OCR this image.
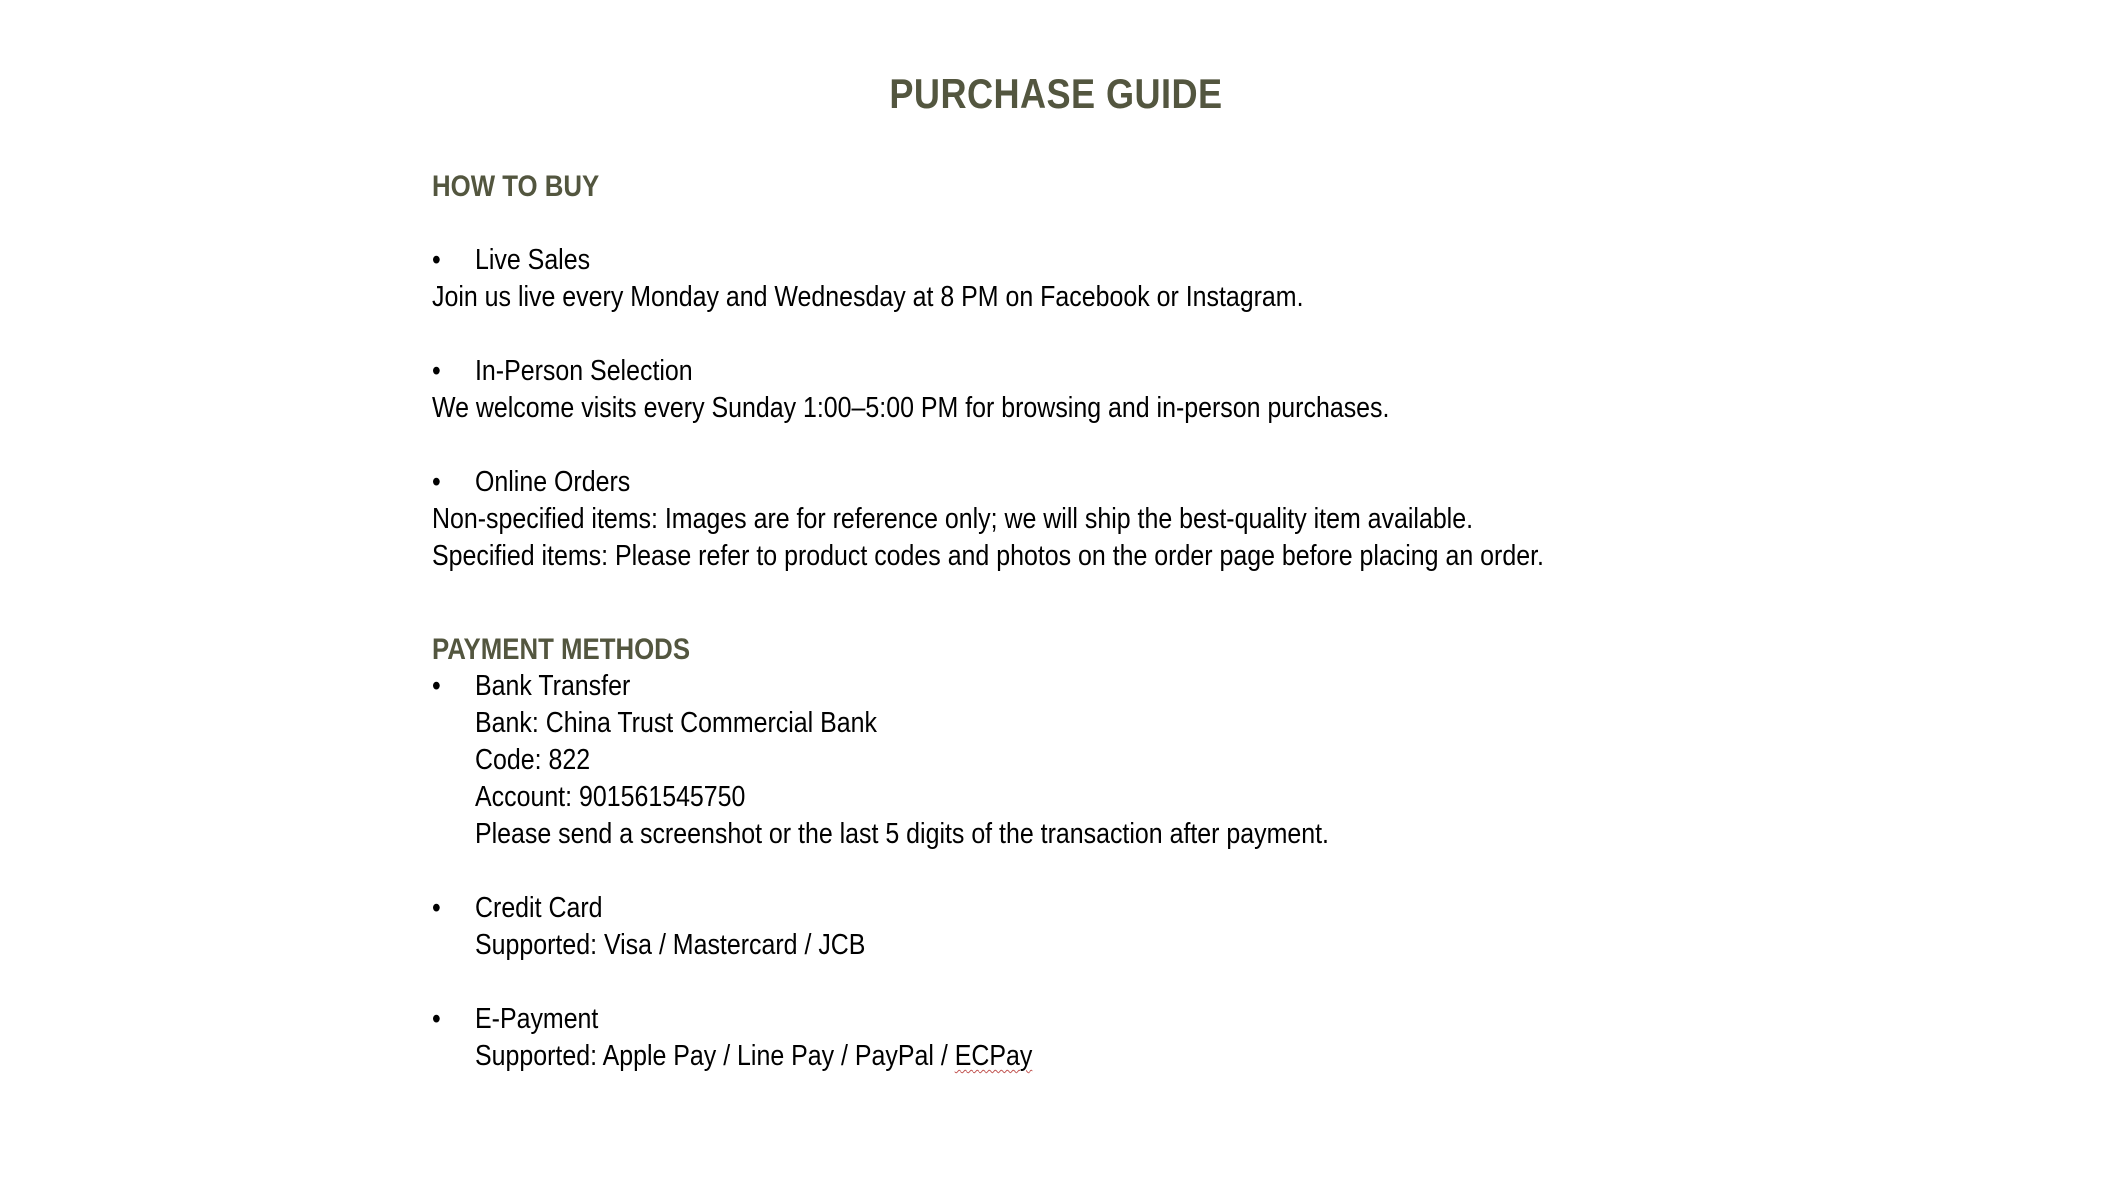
PURCHASE GUIDE
HOW TO BUY
• Live Sales
Join us live every Monday and Wednesday at 8 PM on Facebook or Instagram.
• In-Person Selection
We welcome visits every Sunday 1:00–5:00 PM for browsing and in-person purchases.
• Online Orders
Non-specified items: Images are for reference only; we will ship the best-quality item available.
Specified items: Please refer to product codes and photos on the order page before placing an order.
PAYMENT METHODS
• Bank Transfer
Bank: China Trust Commercial Bank
Code: 822
Account: 901561545750
Please send a screenshot or the last 5 digits of the transaction after payment.
• Credit Card
Supported: Visa / Mastercard / JCB
• E-Payment
Supported: Apple Pay / Line Pay / PayPal / ECPay
